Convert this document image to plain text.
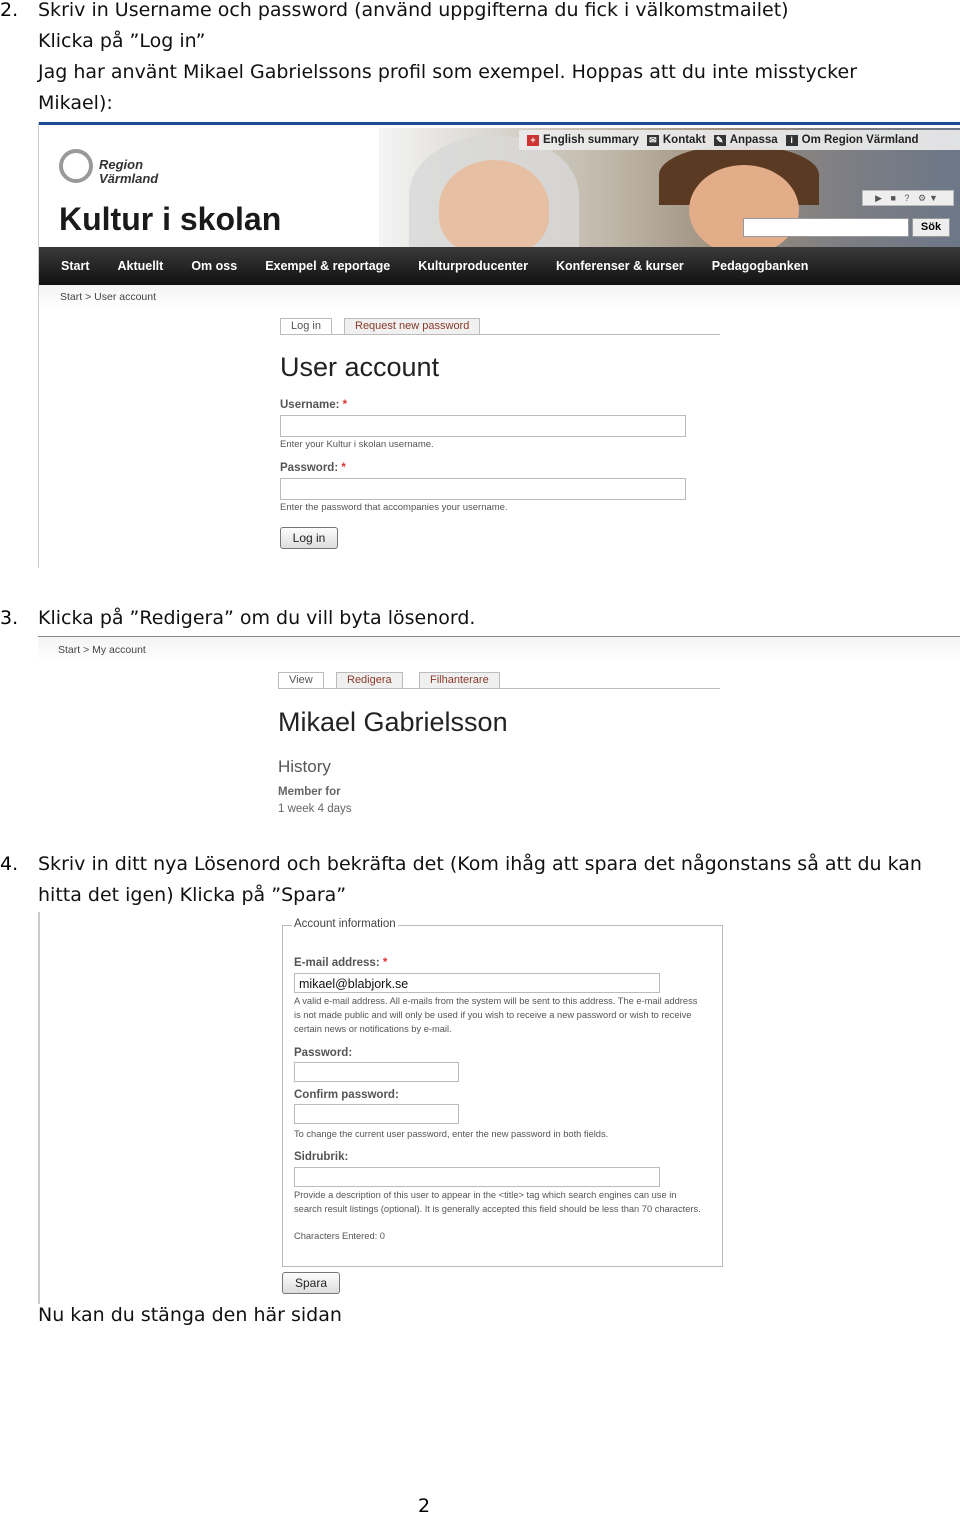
2. Skriv in Username och password (använd uppgifterna du fick i välkomstmailet)
Klicka på ”Log in”
Jag har använt Mikael Gabrielssons profil som exempel. Hoppas att du inte misstycker
Mikael):
Region
Värmland
Kultur i skolan
+ English summary ✉ Kontakt ✎ Anpassa	i Om Region Värmland
▶ ■ ? ⚙▼
Sök
Start Aktuellt Om oss Exempel & reportage Kulturproducenter Konferenser & kurser Pedagogbanken
Start > User account
Log in	Request new password
User account
Username: *
Enter your Kultur i skolan username.
Password: *
Enter the password that accompanies your username.
Log in
3. Klicka på ”Redigera” om du vill byta lösenord.
Start > My account
View	Redigera	Filhanterare
Mikael Gabrielsson
History
Member for
1 week 4 days
4. Skriv in ditt nya Lösenord och bekräfta det (Kom ihåg att spara det någonstans så att du kan
hitta det igen) Klicka på ”Spara”
Account information
E-mail address: *
mikael@blabjork.se
A valid e-mail address. All e-mails from the system will be sent to this address. The e-mail address is not made public and will only be used if you wish to receive a new password or wish to receive certain news or notifications by e-mail.
Password:
Confirm password:
To change the current user password, enter the new password in both fields.
Sidrubrik:
Provide a description of this user to appear in the <title> tag which search engines can use in search result listings (optional). It is generally accepted this field should be less than 70 characters.
Characters Entered: 0
Spara
Nu kan du stänga den här sidan
2
